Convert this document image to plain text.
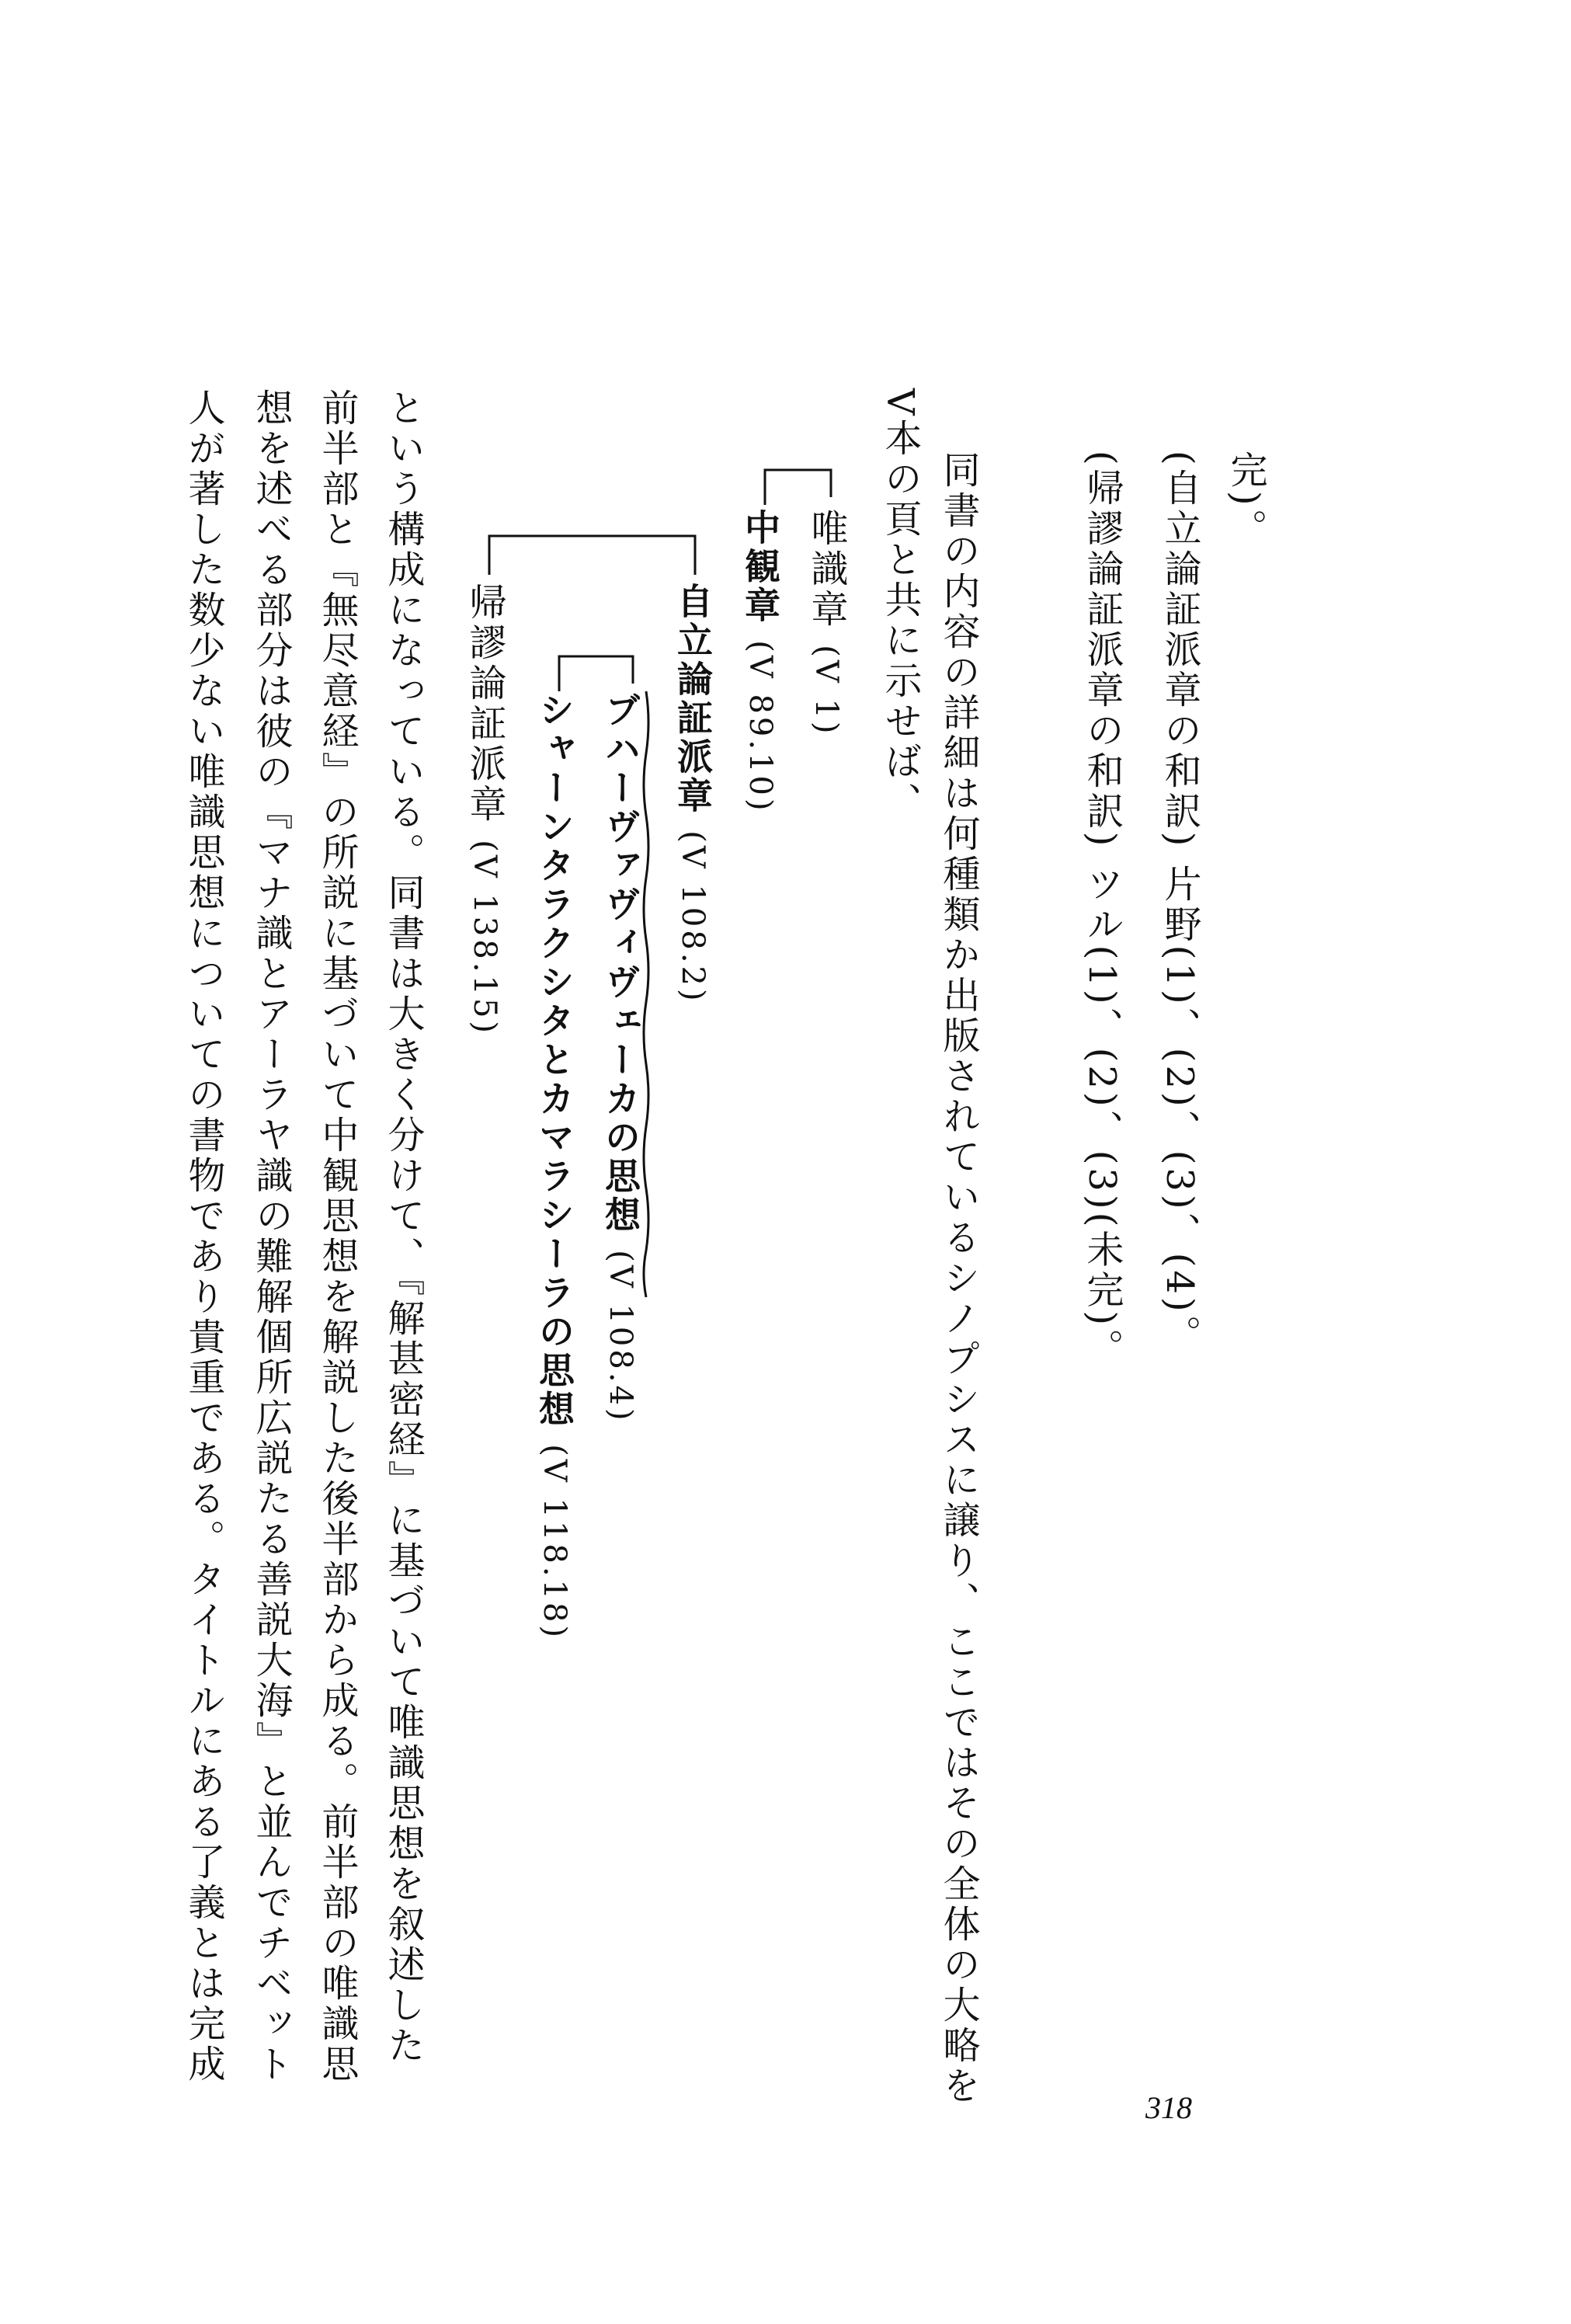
完)。
(自立論証派章の和訳) 片野(1)、(2)、(3)、(4)。
(帰謬論証派章の和訳) ツル(1)、(2)、(3)(未完)。
同書の内容の詳細は何種類か出版されているシノプシスに譲り、ここではその全体の大略を
V本の頁と共に示せば、
唯識章 (V 1)
中観章 (V 89.10)
自立論証派章 (V 108.2)
ブハーヴァヴィヴェーカの思想 (V 108.4)
シャーンタラクシタとカマラシーラの思想 (V 118.18)
帰謬論証派章 (V 138.15)
という構成になっている。同書は大きく分けて、『解甚密経』に基づいて唯識思想を叙述した
前半部と『無尽意経』の所説に基づいて中観思想を解説した後半部から成る。前半部の唯識思
想を述べる部分は彼の『マナ識とアーラヤ識の難解個所広説たる善説大海』と並んでチベット
人が著した数少ない唯識思想についての書物であり貴重である。タイトルにある了義とは完成
318
